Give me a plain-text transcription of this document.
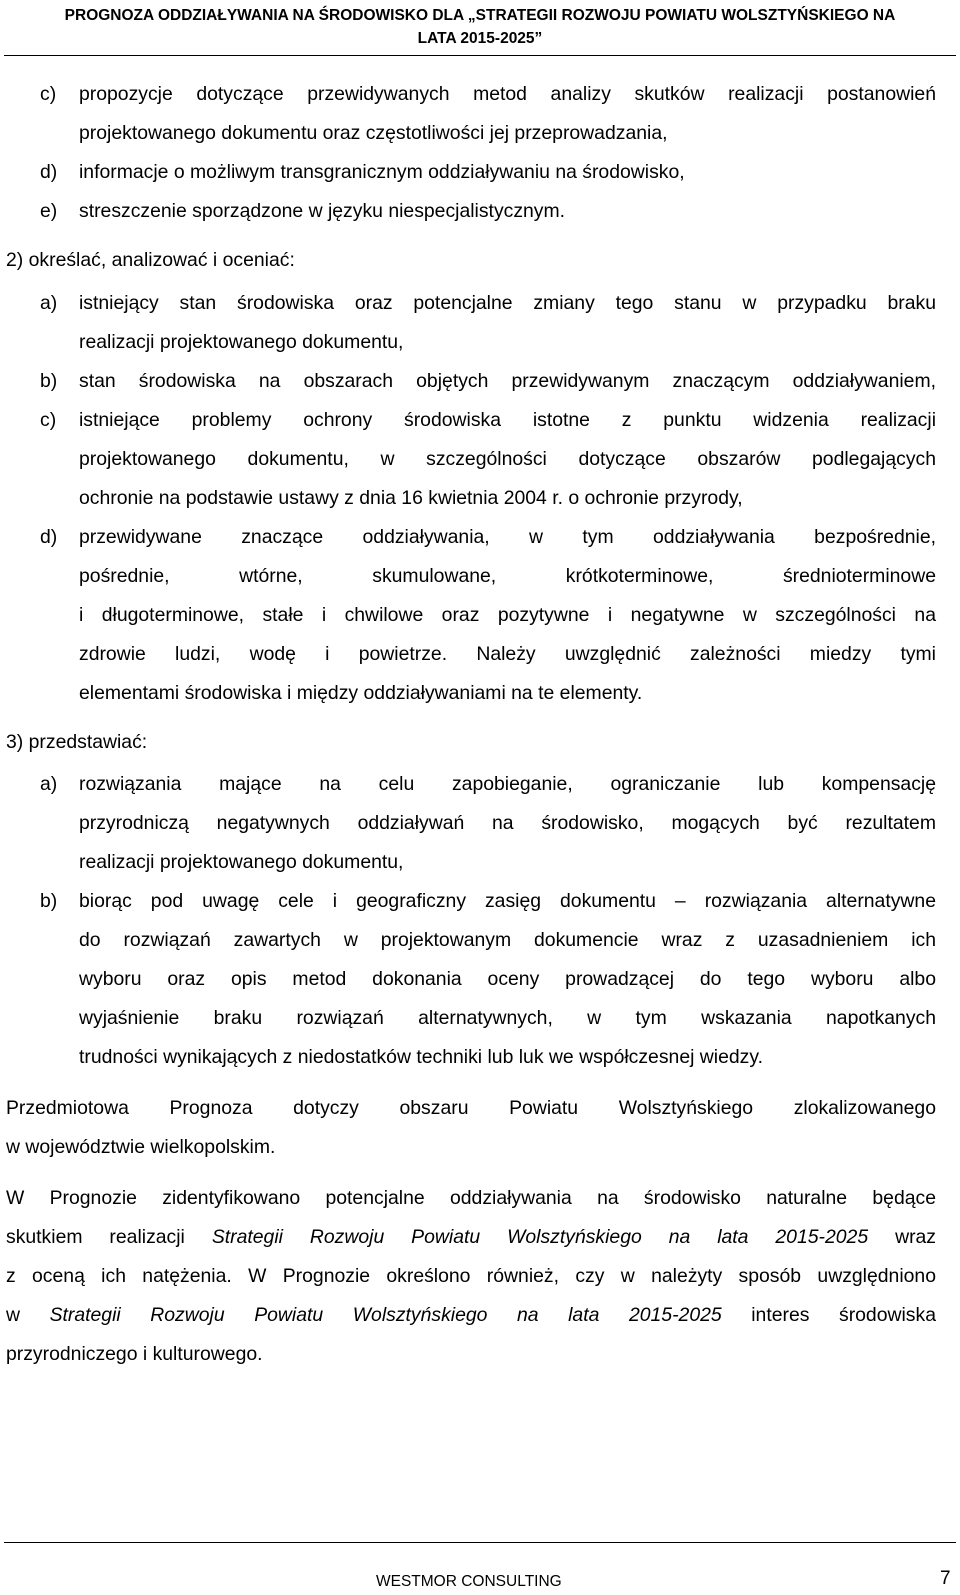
PROGNOZA ODDZIAŁYWANIA NA ŚRODOWISKO DLA „STRATEGII ROZWOJU POWIATU WOLSZTYŃSKIEGO NA
LATA 2015-2025”
c) propozycje dotyczące przewidywanych metod analizy skutków realizacji postanowień
projektowanego dokumentu oraz częstotliwości jej przeprowadzania,
d) informacje o możliwym transgranicznym oddziaływaniu na środowisko,
e) streszczenie sporządzone w języku niespecjalistycznym.
2) określać, analizować i oceniać:
a) istniejący stan środowiska oraz potencjalne zmiany tego stanu w przypadku braku
realizacji projektowanego dokumentu,
b) stan środowiska na obszarach objętych przewidywanym znaczącym oddziaływaniem,
c) istniejące problemy ochrony środowiska istotne z punktu widzenia realizacji
projektowanego dokumentu, w szczególności dotyczące obszarów podlegających
ochronie na podstawie ustawy z dnia 16 kwietnia 2004 r. o ochronie przyrody,
d) przewidywane znaczące oddziaływania, w tym oddziaływania bezpośrednie,
pośrednie, wtórne, skumulowane, krótkoterminowe, średnioterminowe
i długoterminowe, stałe i chwilowe oraz pozytywne i negatywne w szczególności na
zdrowie ludzi, wodę i powietrze. Należy uwzględnić zależności miedzy tymi
elementami środowiska i między oddziaływaniami na te elementy.
3) przedstawiać:
a) rozwiązania mające na celu zapobieganie, ograniczanie lub kompensację
przyrodniczą negatywnych oddziaływań na środowisko, mogących być rezultatem
realizacji projektowanego dokumentu,
b) biorąc pod uwagę cele i geograficzny zasięg dokumentu – rozwiązania alternatywne
do rozwiązań zawartych w projektowanym dokumencie wraz z uzasadnieniem ich
wyboru oraz opis metod dokonania oceny prowadzącej do tego wyboru albo
wyjaśnienie braku rozwiązań alternatywnych, w tym wskazania napotkanych
trudności wynikających z niedostatków techniki lub luk we współczesnej wiedzy.
Przedmiotowa Prognoza dotyczy obszaru Powiatu Wolsztyńskiego zlokalizowanego
w województwie wielkopolskim.
W Prognozie zidentyfikowano potencjalne oddziaływania na środowisko naturalne będące
skutkiem realizacji Strategii Rozwoju Powiatu Wolsztyńskiego na lata 2015-2025 wraz
z oceną ich natężenia. W Prognozie określono również, czy w należyty sposób uwzględniono
w Strategii Rozwoju Powiatu Wolsztyńskiego na lata 2015-2025 interes środowiska
przyrodniczego i kulturowego.
WESTMOR CONSULTING	7
